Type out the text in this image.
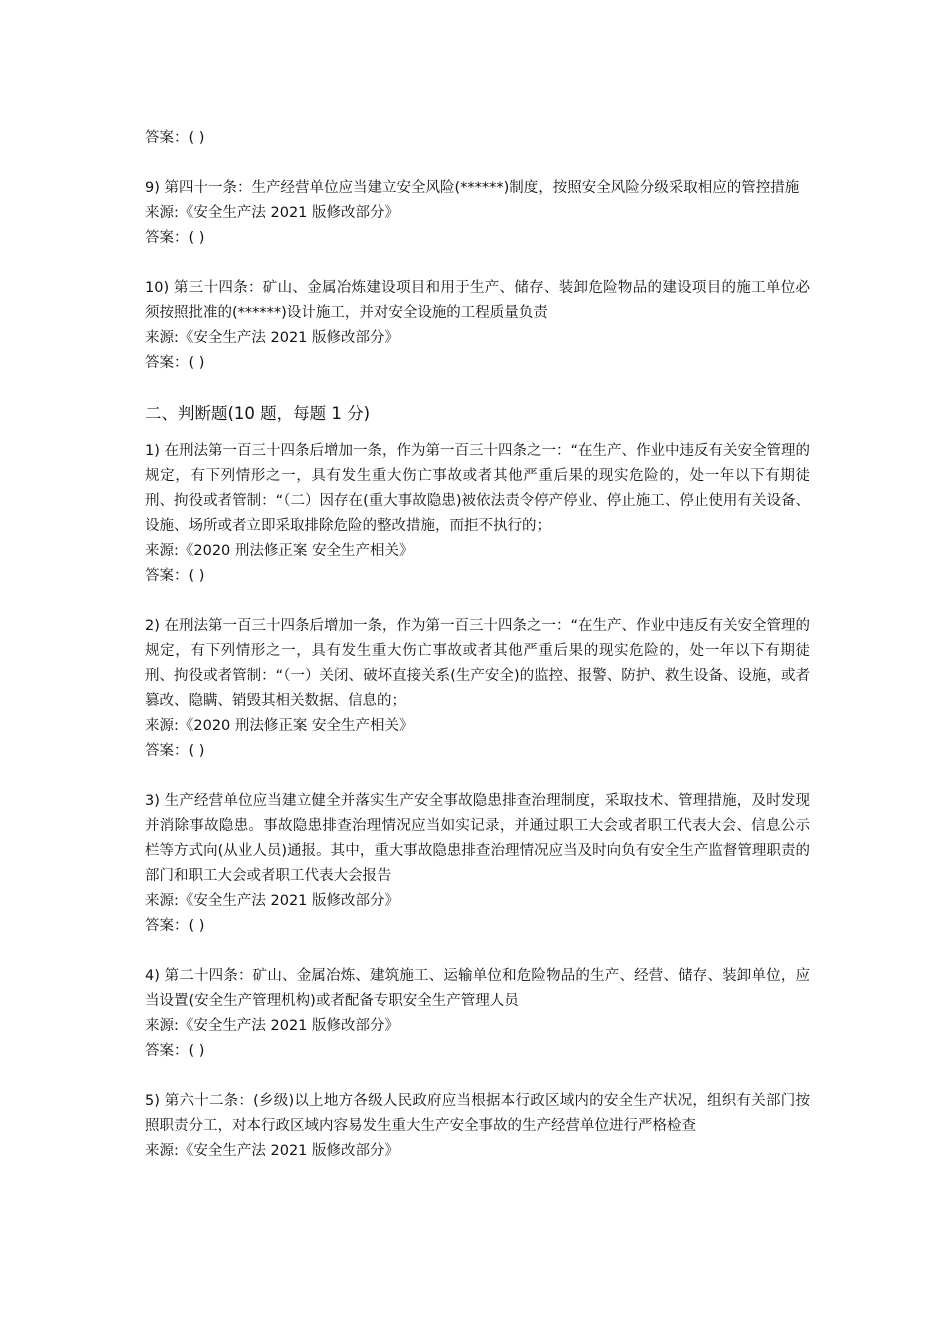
答案：( )
9) 第四十一条：生产经营单位应当建立安全风险(******)制度，按照安全风险分级采取相应的管控措施
来源:《安全生产法 2021 版修改部分》
答案：( )
10) 第三十四条：矿山、金属冶炼建设项目和用于生产、储存、装卸危险物品的建设项目的施工单位必须按照批准的(******)设计施工，并对安全设施的工程质量负责
来源:《安全生产法 2021 版修改部分》
答案：( )
二、判断题(10 题，每题 1 分)
1) 在刑法第一百三十四条后增加一条，作为第一百三十四条之一：“在生产、作业中违反有关安全管理的规定，有下列情形之一，具有发生重大伤亡事故或者其他严重后果的现实危险的，处一年以下有期徒刑、拘役或者管制：“（二）因存在(重大事故隐患)被依法责令停产停业、停止施工、停止使用有关设备、设施、场所或者立即采取排除危险的整改措施，而拒不执行的；
来源:《2020 刑法修正案 安全生产相关》
答案：( )
2) 在刑法第一百三十四条后增加一条，作为第一百三十四条之一：“在生产、作业中违反有关安全管理的规定，有下列情形之一，具有发生重大伤亡事故或者其他严重后果的现实危险的，处一年以下有期徒刑、拘役或者管制：“（一）关闭、破坏直接关系(生产安全)的监控、报警、防护、救生设备、设施，或者篡改、隐瞒、销毁其相关数据、信息的；
来源:《2020 刑法修正案 安全生产相关》
答案：( )
3) 生产经营单位应当建立健全并落实生产安全事故隐患排查治理制度，采取技术、管理措施，及时发现并消除事故隐患。事故隐患排查治理情况应当如实记录，并通过职工大会或者职工代表大会、信息公示栏等方式向(从业人员)通报。其中，重大事故隐患排查治理情况应当及时向负有安全生产监督管理职责的部门和职工大会或者职工代表大会报告
来源:《安全生产法 2021 版修改部分》
答案：( )
4) 第二十四条：矿山、金属冶炼、建筑施工、运输单位和危险物品的生产、经营、储存、装卸单位，应当设置(安全生产管理机构)或者配备专职安全生产管理人员
来源:《安全生产法 2021 版修改部分》
答案：( )
5) 第六十二条：(乡级)以上地方各级人民政府应当根据本行政区域内的安全生产状况，组织有关部门按照职责分工，对本行政区域内容易发生重大生产安全事故的生产经营单位进行严格检查
来源:《安全生产法 2021 版修改部分》
